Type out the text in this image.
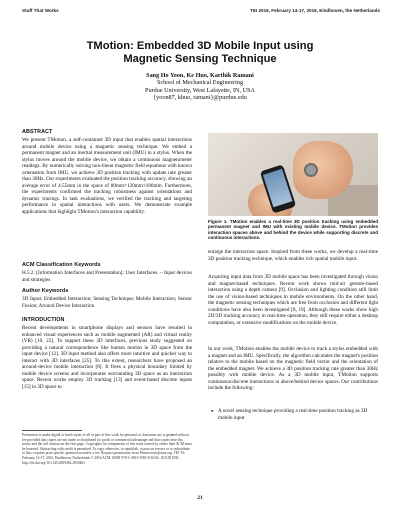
Stuff That Works	TEI 2016, February 14-17, 2016, Eindhoven, the Netherlands
TMotion: Embedded 3D Mobile Input using
Magnetic Sensing Technique
Sang Ho Yoon, Ke Huo, Karthik Ramani
School of Mechanical Engineering
Purdue University, West Lafayette, IN, USA
{yoon87, khuo, ramani}@purdue.edu
ABSTRACT
We present TMotion, a self-contained 3D input that enables spatial interactions around mobile device using a magnetic sensing technique. We embed a permanent magnet and an inertial measurement unit (IMU) in a stylus. When the stylus moves around the mobile device, we obtain a continuous magnetometer readings. By numerically solving non-linear magnetic field equations with known orientation from IMU, we achieve 3D position tracking with update rate greater than 30Hz. Our experiments evaluated the position tracking accuracy, showing an average error of 4.55mm in the space of 80mm×120mm×100mm. Furthermore, the experiments confirmed the tracking robustness against orientations and dynamic tracings. In task evaluations, we verified the tracking and targeting performance in spatial interactions with users. We demonstrate example applications that highlight TMotion's interaction capability.
ACM Classification Keywords
H.5.2. [Information Interfaces and Presentation]: User Interfaces. – Input devices and strategies
Author Keywords
3D Input; Embedded Interaction; Sensing Technique; Mobile Interaction; Sensor Fusion; Around Device Interaction
INTRODUCTION
Recent developments in smartphone displays and sensors have resulted in enhanced visual experiences such as mobile augmented (AR) and virtual reality (VR) [10, 22]. To support these 3D interfaces, previous study suggested on providing a natural correspondence like human motion in 3D space from the input device [12]. 3D input method also offers more intuitive and quicker way to interact with 3D interfaces [25]. To this extent, researchers have proposed an around-device mobile interaction [8]. It frees a physical boundary limited by mobile device screens and incorporates surrounding 3D space as an interaction space. Recent works employ 3D tracking [13] and event-based discrete inputs [15] in 3D space to
Permission to make digital or hard copies of all or part of this work for personal or classroom use is granted without fee provided that copies are not made or distributed for profit or commercial advantage and that copies bear this notice and the full citation on the first page. Copyrights for components of this work owned by others than ACM must be honored. Abstracting with credit is permitted. To copy otherwise, or republish, to post on servers or to redistribute to lists, requires prior specific permission and/or a fee. Request permissions from Permissions@acm.org. TEI '16, February 14-17, 2016, Eindhoven, Netherlands © 2016 ACM. ISBN 978-1-4503-3582-9/16/02...$15.00 DOI: http://dx.doi.org/10.1145/2839462.2839463
Figure 1. TMotion enables a real-time 3D position tracking using embedded permanent magnet and IMU with existing mobile device. TMotion provides interaction spaces above and behind the device while supporting discrete and continuous interactions.
enlarge the interaction space. Inspired from these works, we develop a real-time 3D position tracking technique, which enables rich spatial mobile input.
Acquiring input data from 3D mobile space has been investigated through vision and magnet-based techniques. Recent work shows mid-air gesture-based interaction using a depth camera [9]. Occlusion and lighting condition still limit the use of vision-based techniques in mobile environments. On the other hand, the magnetic sensing techniques which are free from occlusion and different light conditions have also been investigated [8, 19]. Although these works show high 2D/3D tracking accuracy in real-time operation, they still require either a desktop computation, or extensive modifications on the mobile device.
In our work, TMotion enables the mobile device to track a stylus embedded with a magnet and an IMU. Specifically, the algorithm calculates the magnet's position relative to the mobile based on the magnetic field vector and the orientation of the embedded magnet. We achieve a 3D position tracking rate greater than 30Hz possibly with mobile device. As a 3D mobile input, TMotion supports continuous/discrete interactions in above/behind device spaces. Our contributions include the following:
● A novel sensing technique providing a real-time position tracking as 3D mobile input
21
